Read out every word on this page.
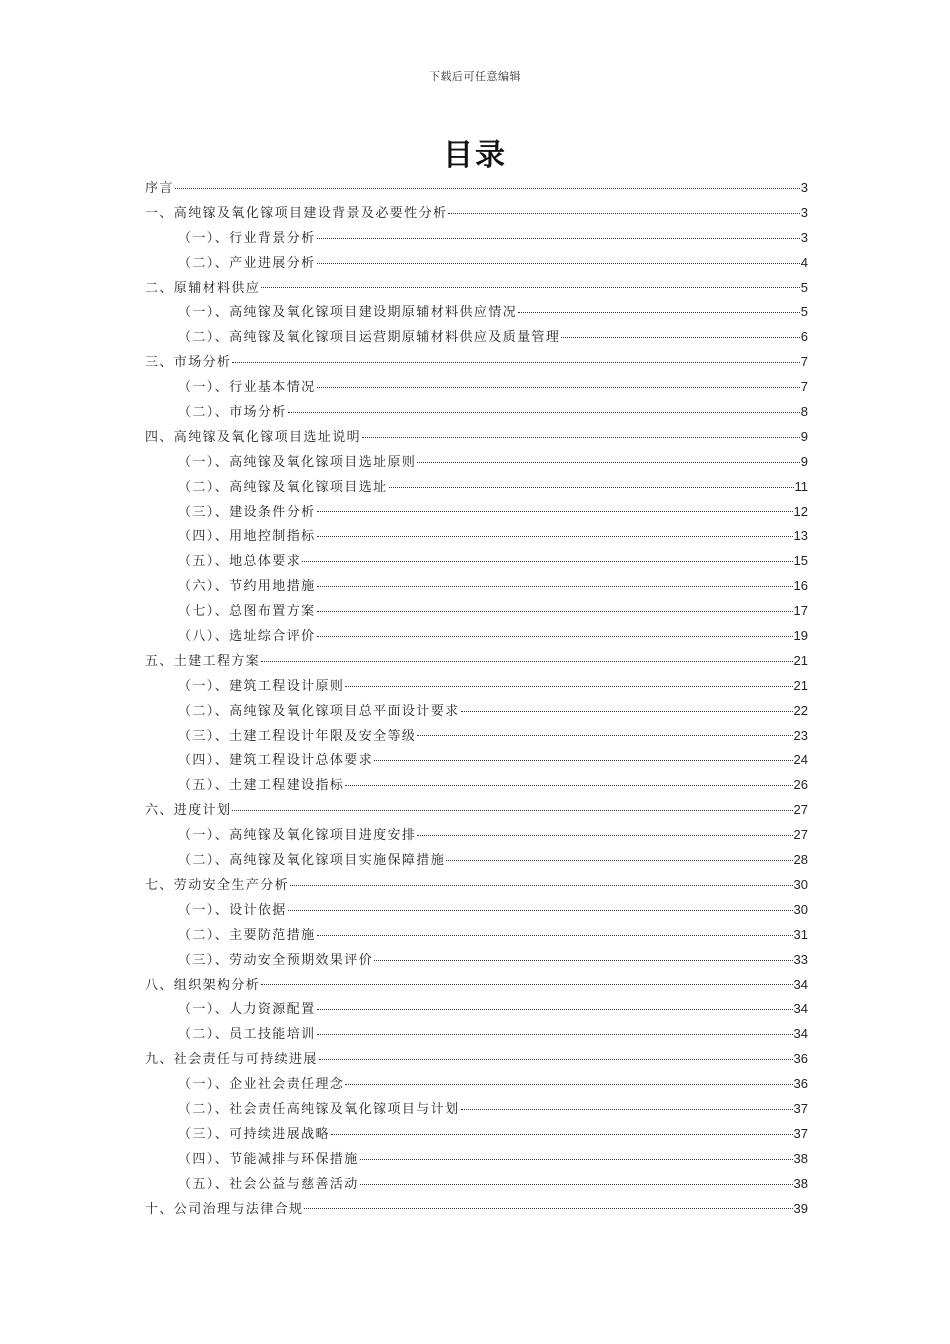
下载后可任意编辑
目录
序言	3
一、高纯镓及氧化镓项目建设背景及必要性分析	3
（一）、行业背景分析	3
（二）、产业进展分析	4
二、原辅材料供应	5
（一）、高纯镓及氧化镓项目建设期原辅材料供应情况	5
（二）、高纯镓及氧化镓项目运营期原辅材料供应及质量管理	6
三、市场分析	7
（一）、行业基本情况	7
（二）、市场分析	8
四、高纯镓及氧化镓项目选址说明	9
（一）、高纯镓及氧化镓项目选址原则	9
（二）、高纯镓及氧化镓项目选址	11
（三）、建设条件分析	12
（四）、用地控制指标	13
（五）、地总体要求	15
（六）、节约用地措施	16
（七）、总图布置方案	17
（八）、选址综合评价	19
五、土建工程方案	21
（一）、建筑工程设计原则	21
（二）、高纯镓及氧化镓项目总平面设计要求	22
（三）、土建工程设计年限及安全等级	23
（四）、建筑工程设计总体要求	24
（五）、土建工程建设指标	26
六、进度计划	27
（一）、高纯镓及氧化镓项目进度安排	27
（二）、高纯镓及氧化镓项目实施保障措施	28
七、劳动安全生产分析	30
（一）、设计依据	30
（二）、主要防范措施	31
（三）、劳动安全预期效果评价	33
八、组织架构分析	34
（一）、人力资源配置	34
（二）、员工技能培训	34
九、社会责任与可持续进展	36
（一）、企业社会责任理念	36
（二）、社会责任高纯镓及氧化镓项目与计划	37
（三）、可持续进展战略	37
（四）、节能减排与环保措施	38
（五）、社会公益与慈善活动	38
十、公司治理与法律合规	39
